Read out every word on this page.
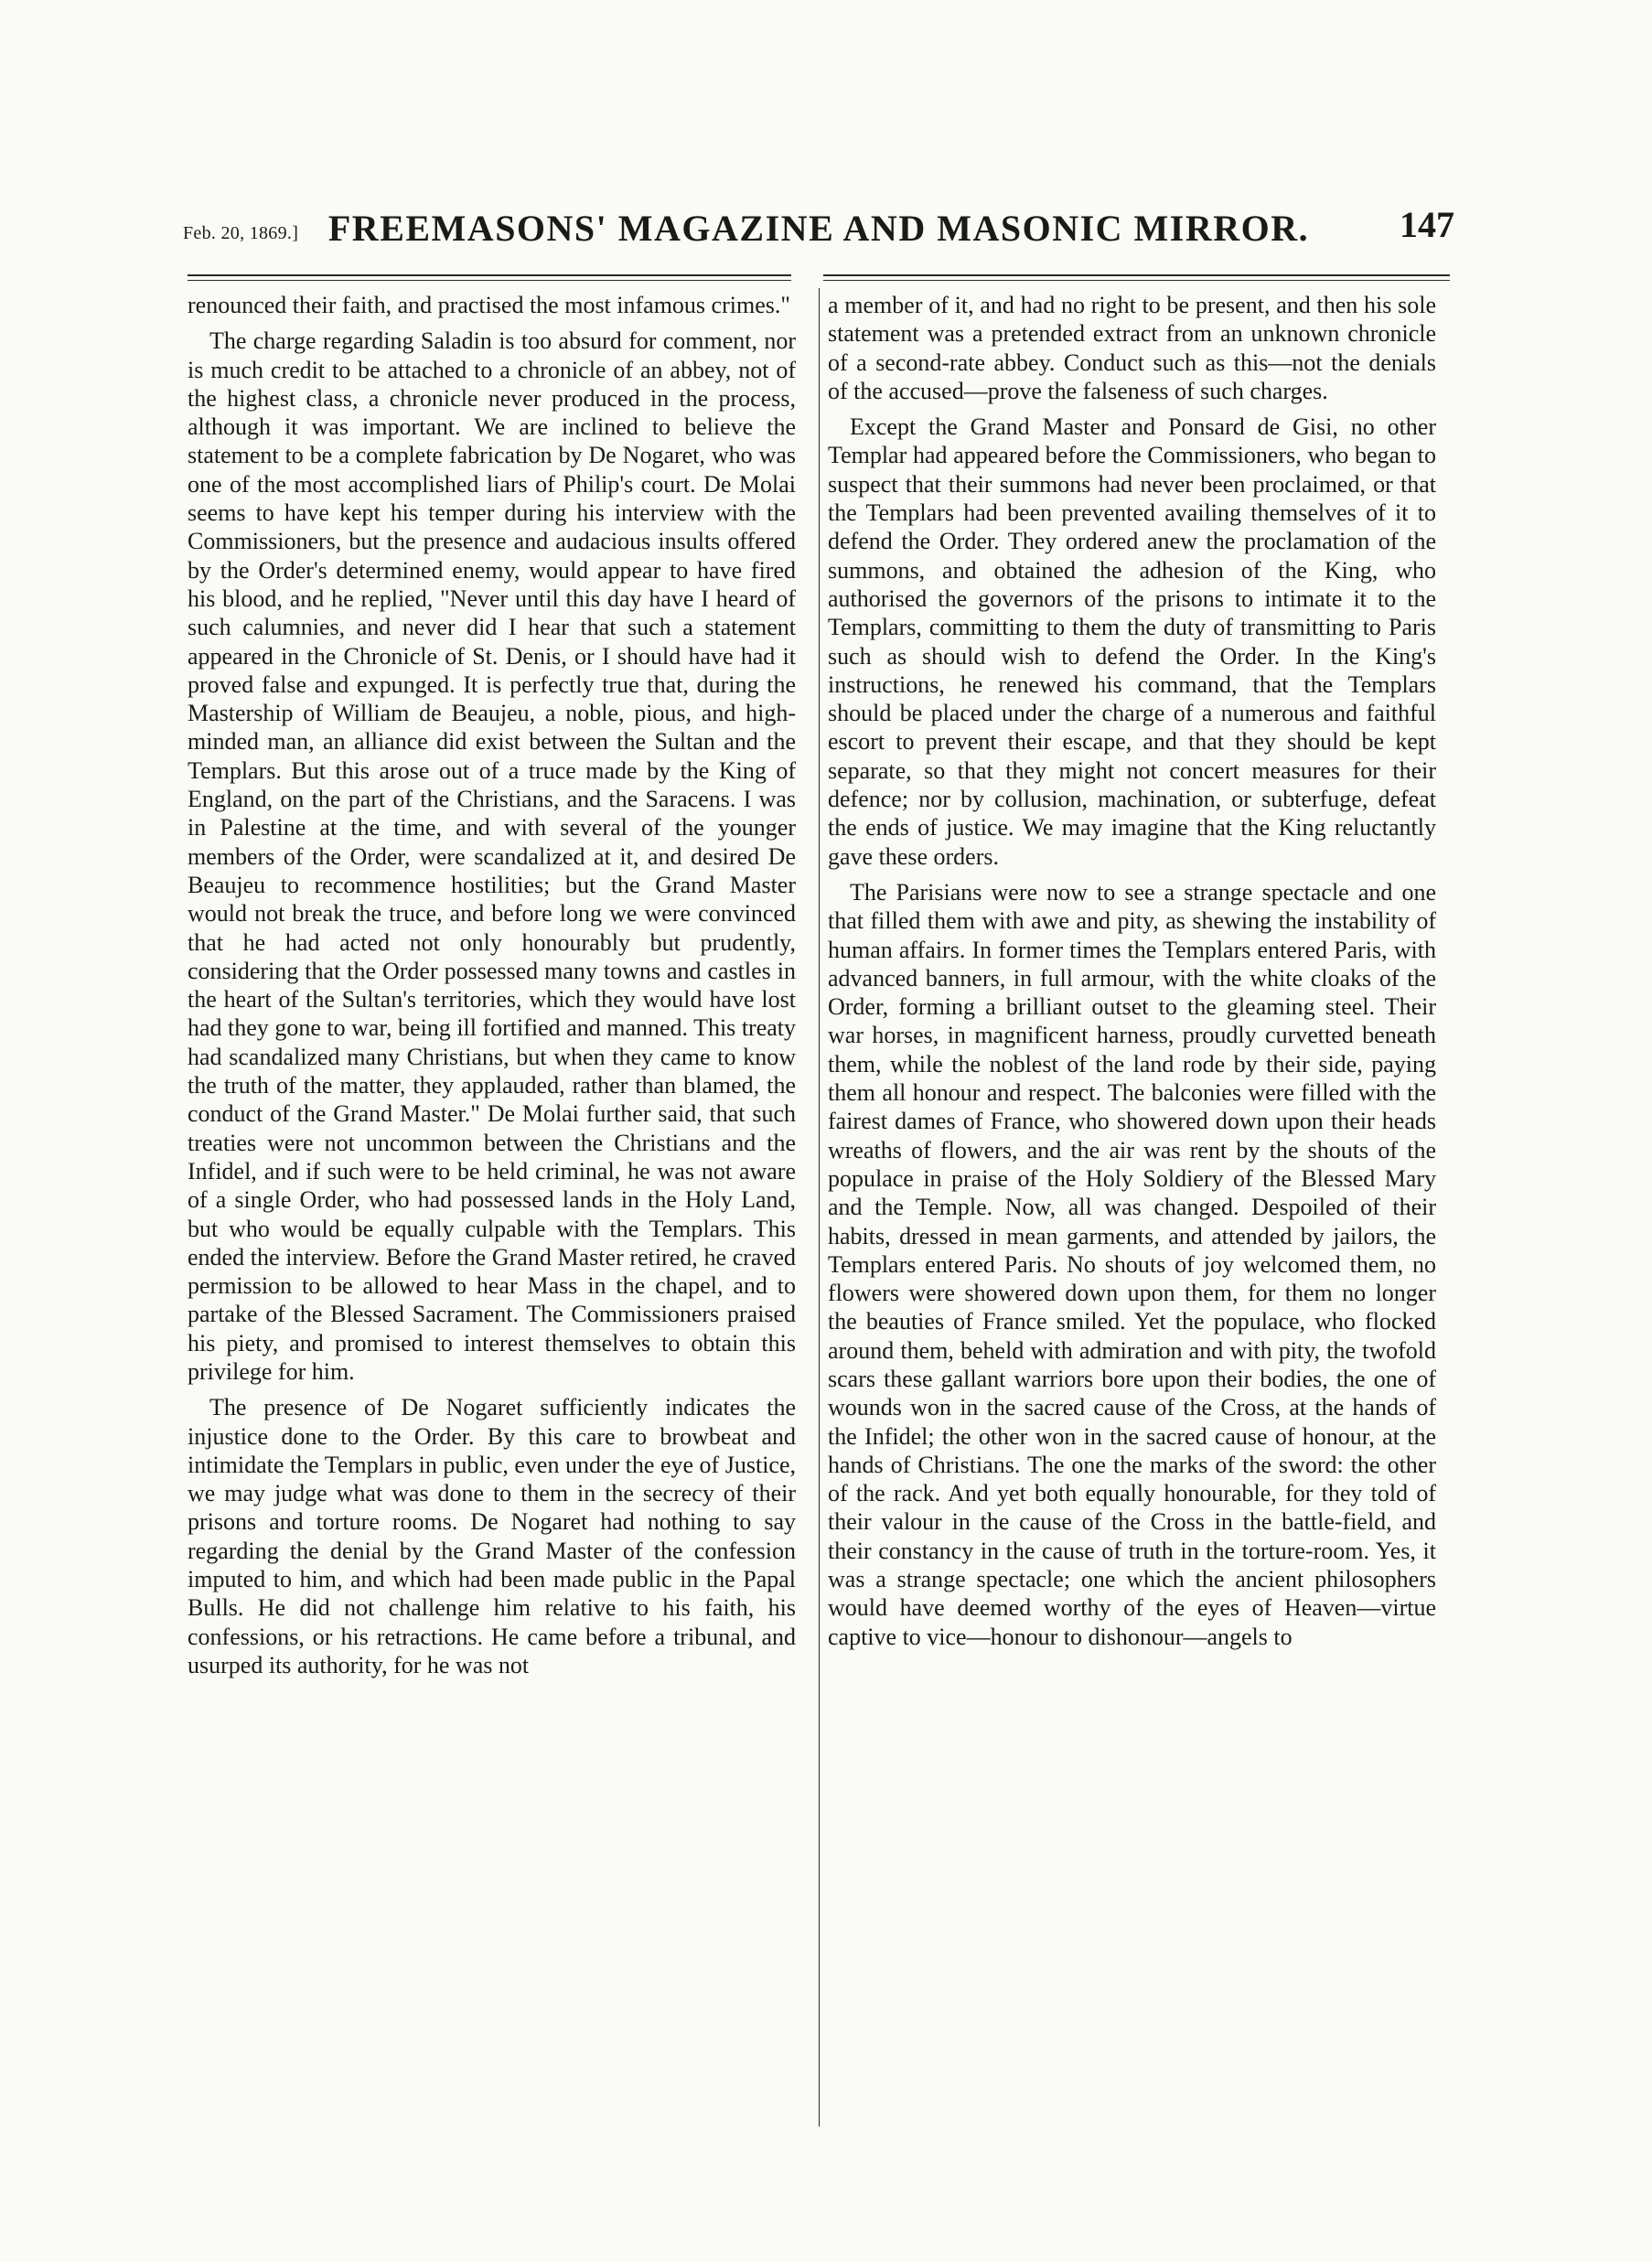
Feb. 20, 1869.] FREEMASONS' MAGAZINE AND MASONIC MIRROR. 147

renounced their faith, and practised the most infamous crimes."

The charge regarding Saladin is too absurd for comment, nor is much credit to be attached to a chronicle of an abbey, not of the highest class, a chronicle never produced in the process, although it was important. We are inclined to believe the statement to be a complete fabrication by De Nogaret, who was one of the most accomplished liars of Philip's court. De Molai seems to have kept his temper during his interview with the Commissioners, but the presence and audacious insults offered by the Order's determined enemy, would appear to have fired his blood, and he replied, "Never until this day have I heard of such calumnies, and never did I hear that such a statement appeared in the Chronicle of St. Denis, or I should have had it proved false and expunged. It is perfectly true that, during the Mastership of William de Beaujeu, a noble, pious, and high-minded man, an alliance did exist between the Sultan and the Templars. But this arose out of a truce made by the King of England, on the part of the Christians, and the Saracens. I was in Palestine at the time, and with several of the younger members of the Order, were scandalized at it, and desired De Beaujeu to recommence hostilities; but the Grand Master would not break the truce, and before long we were convinced that he had acted not only honourably but prudently, considering that the Order possessed many towns and castles in the heart of the Sultan's territories, which they would have lost had they gone to war, being ill fortified and manned. This treaty had scandalized many Christians, but when they came to know the truth of the matter, they applauded, rather than blamed, the conduct of the Grand Master." De Molai further said, that such treaties were not uncommon between the Christians and the Infidel, and if such were to be held criminal, he was not aware of a single Order, who had possessed lands in the Holy Land, but who would be equally culpable with the Templars. This ended the interview. Before the Grand Master retired, he craved permission to be allowed to hear Mass in the chapel, and to partake of the Blessed Sacrament. The Commissioners praised his piety, and promised to interest themselves to obtain this privilege for him.

The presence of De Nogaret sufficiently indicates the injustice done to the Order. By this care to browbeat and intimidate the Templars in public, even under the eye of Justice, we may judge what was done to them in the secrecy of their prisons and torture rooms. De Nogaret had nothing to say regarding the denial by the Grand Master of the confession imputed to him, and which had been made public in the Papal Bulls. He did not challenge him relative to his faith, his confessions, or his retractions. He came before a tribunal, and usurped its authority, for he was not

a member of it, and had no right to be present, and then his sole statement was a pretended extract from an unknown chronicle of a second-rate abbey. Conduct such as this—not the denials of the accused—prove the falseness of such charges.

Except the Grand Master and Ponsard de Gisi, no other Templar had appeared before the Commissioners, who began to suspect that their summons had never been proclaimed, or that the Templars had been prevented availing themselves of it to defend the Order. They ordered anew the proclamation of the summons, and obtained the adhesion of the King, who authorised the governors of the prisons to intimate it to the Templars, committing to them the duty of transmitting to Paris such as should wish to defend the Order. In the King's instructions, he renewed his command, that the Templars should be placed under the charge of a numerous and faithful escort to prevent their escape, and that they should be kept separate, so that they might not concert measures for their defence; nor by collusion, machination, or subterfuge, defeat the ends of justice. We may imagine that the King reluctantly gave these orders.

The Parisians were now to see a strange spectacle and one that filled them with awe and pity, as shewing the instability of human affairs. In former times the Templars entered Paris, with advanced banners, in full armour, with the white cloaks of the Order, forming a brilliant outset to the gleaming steel. Their war horses, in magnificent harness, proudly curvetted beneath them, while the noblest of the land rode by their side, paying them all honour and respect. The balconies were filled with the fairest dames of France, who showered down upon their heads wreaths of flowers, and the air was rent by the shouts of the populace in praise of the Holy Soldiery of the Blessed Mary and the Temple. Now, all was changed. Despoiled of their habits, dressed in mean garments, and attended by jailors, the Templars entered Paris. No shouts of joy welcomed them, no flowers were showered down upon them, for them no longer the beauties of France smiled. Yet the populace, who flocked around them, beheld with admiration and with pity, the twofold scars these gallant warriors bore upon their bodies, the one of wounds won in the sacred cause of the Cross, at the hands of the Infidel; the other won in the sacred cause of honour, at the hands of Christians. The one the marks of the sword: the other of the rack. And yet both equally honourable, for they told of their valour in the cause of the Cross in the battle-field, and their constancy in the cause of truth in the torture-room. Yes, it was a strange spectacle; one which the ancient philosophers would have deemed worthy of the eyes of Heaven—virtue captive to vice—honour to dishonour—angels to
